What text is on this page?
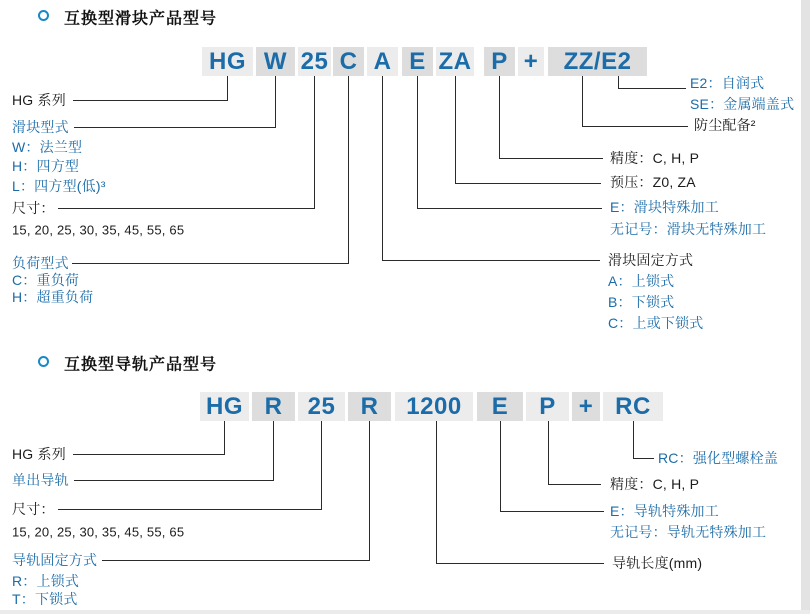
互换型滑块产品型号
HG W 25 C A E ZA P +	ZZ/E2
HG 系列
滑块型式
W：法兰型
H：四方型
L：四方型(低)³
尺寸：
15, 20, 25, 30, 35, 45, 55, 65
负荷型式
C：重负荷
H：超重负荷
E2：自润式
SE：金属端盖式
防尘配备²
精度：C, H, P
预压：Z0, ZA
E：滑块特殊加工
无记号：滑块无特殊加工
滑块固定方式
A：上锁式
B：下锁式
C：上或下锁式
互换型导轨产品型号
HG R	25	R	1200	E	P + RC
HG 系列
单出导轨
尺寸：
15, 20, 25, 30, 35, 45, 55, 65
导轨固定方式
R：上锁式
T：下锁式
RC：强化型螺栓盖
精度：C, H, P
E：导轨特殊加工
无记号：导轨无特殊加工
导轨长度(mm)
